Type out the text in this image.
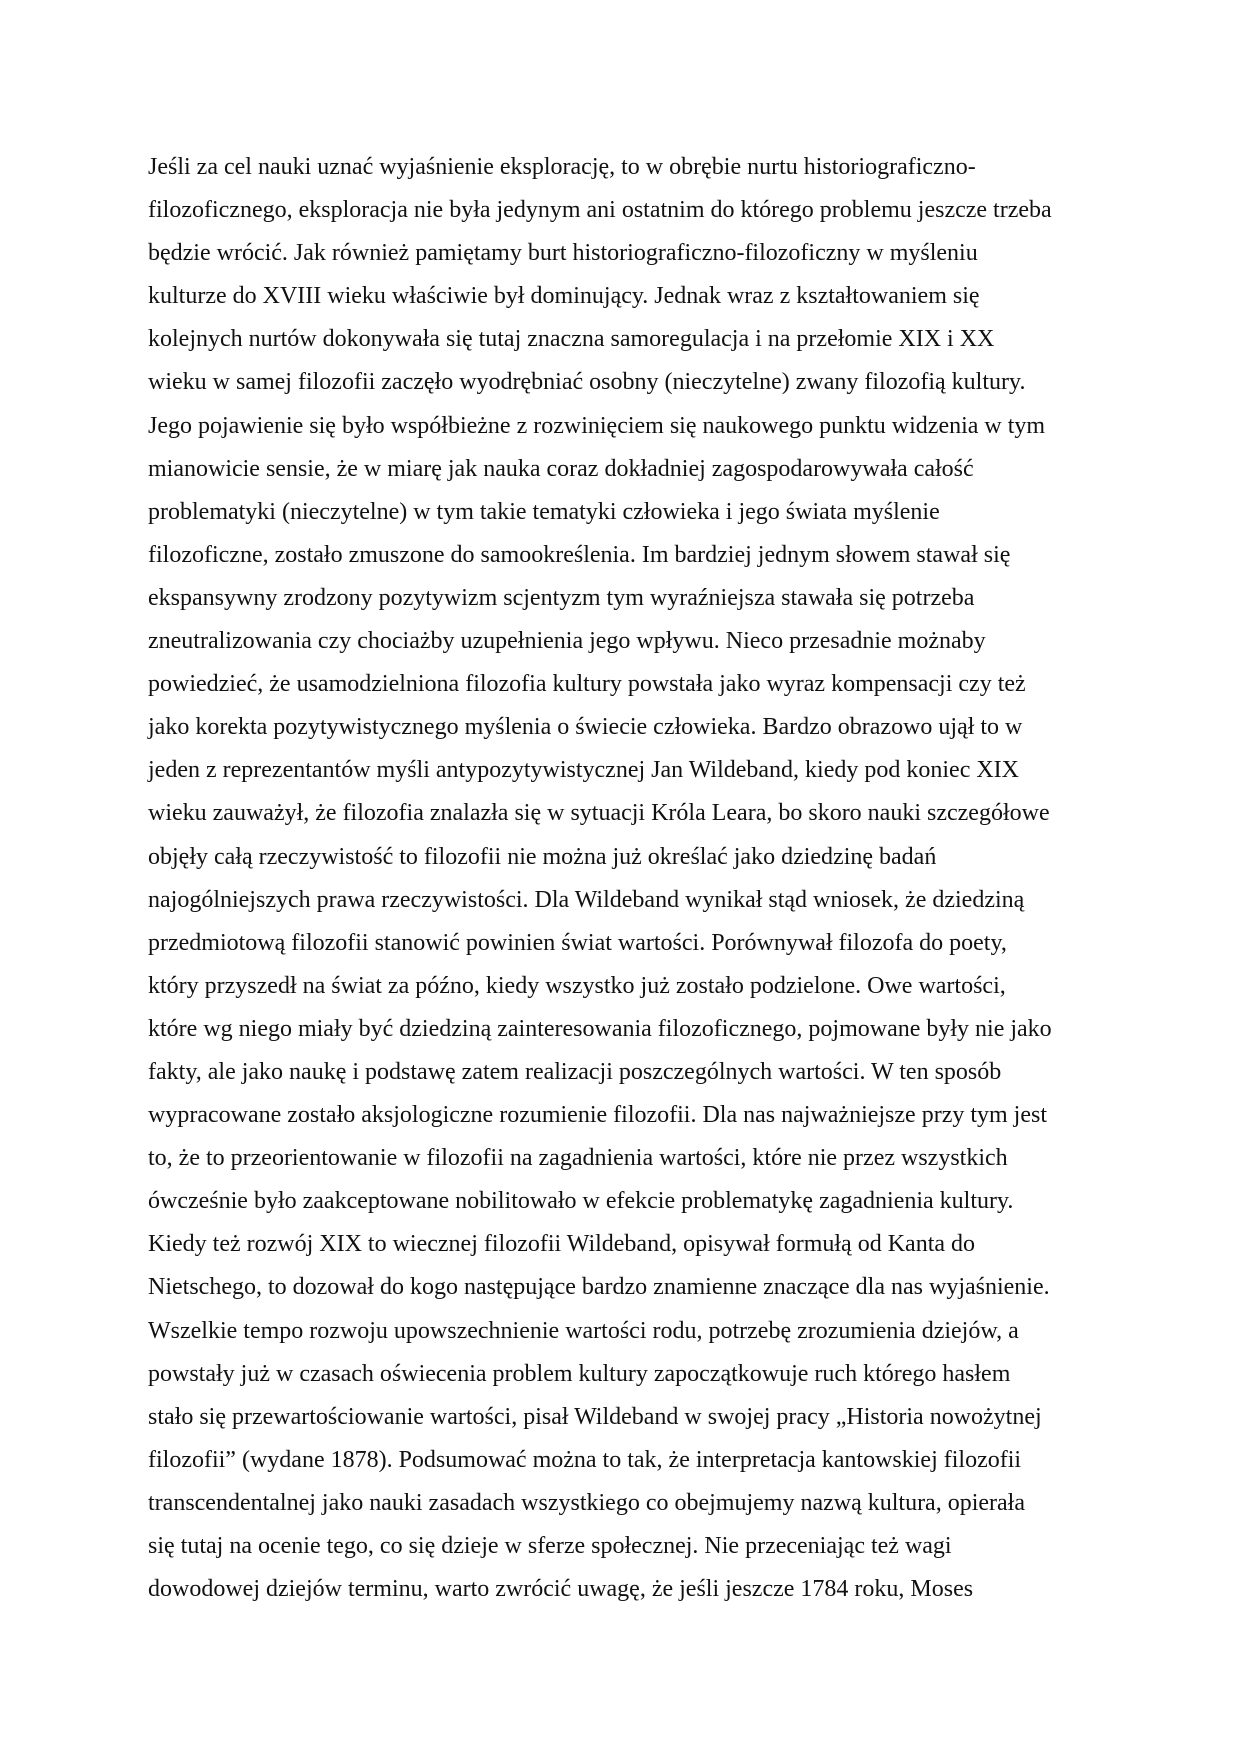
Jeśli za cel nauki uznać wyjaśnienie eksplorację, to w obrębie nurtu historiograficzno-
filozoficznego, eksploracja nie była jedynym ani ostatnim do którego problemu jeszcze trzeba
będzie wrócić. Jak również pamiętamy burt historiograficzno-filozoficzny w myśleniu
kulturze do XVIII wieku właściwie był dominujący. Jednak wraz z kształtowaniem się
kolejnych nurtów dokonywała się tutaj znaczna samoregulacja i na przełomie XIX i XX
wieku w samej filozofii zaczęło wyodrębniać osobny (nieczytelne) zwany filozofią kultury.
Jego pojawienie się było współbieżne z rozwinięciem się naukowego punktu widzenia w tym
mianowicie sensie, że w miarę jak nauka coraz dokładniej zagospodarowywała całość
problematyki (nieczytelne) w tym takie tematyki człowieka i jego świata myślenie
filozoficzne, zostało zmuszone do samookreślenia. Im bardziej jednym słowem stawał się
ekspansywny zrodzony pozytywizm scjentyzm tym wyraźniejsza stawała się potrzeba
zneutralizowania czy chociażby uzupełnienia jego wpływu. Nieco przesadnie możnaby
powiedzieć, że usamodzielniona filozofia kultury powstała jako wyraz kompensacji czy też
jako korekta pozytywistycznego myślenia o świecie człowieka. Bardzo obrazowo ujął to w
jeden z reprezentantów myśli antypozytywistycznej Jan Wildeband, kiedy pod koniec XIX
wieku zauważył, że filozofia znalazła się w sytuacji Króla Leara, bo skoro nauki szczegółowe
objęły całą rzeczywistość to filozofii nie można już określać jako dziedzinę badań
najogólniejszych prawa rzeczywistości. Dla Wildeband wynikał stąd wniosek, że dziedziną
przedmiotową filozofii stanowić powinien świat wartości. Porównywał filozofa do poety,
który przyszedł na świat za późno, kiedy wszystko już zostało podzielone. Owe wartości,
które wg niego miały być dziedziną zainteresowania filozoficznego, pojmowane były nie jako
fakty, ale jako naukę i podstawę zatem realizacji poszczególnych wartości. W ten sposób
wypracowane zostało aksjologiczne rozumienie filozofii. Dla nas najważniejsze przy tym jest
to, że to przeorientowanie w filozofii na zagadnienia wartości, które nie przez wszystkich
ówcześnie było zaakceptowane nobilitowało w efekcie problematykę zagadnienia kultury.
Kiedy też rozwój XIX to wiecznej filozofii Wildeband, opisywał formułą od Kanta do
Nietschego, to dozował do kogo następujące bardzo znamienne znaczące dla nas wyjaśnienie.
Wszelkie tempo rozwoju upowszechnienie wartości rodu, potrzebę zrozumienia dziejów, a
powstały już w czasach oświecenia problem kultury zapoczątkowuje ruch którego hasłem
stało się przewartościowanie wartości, pisał Wildeband w swojej pracy „Historia nowożytnej
filozofii” (wydane 1878). Podsumować można to tak, że interpretacja kantowskiej filozofii
transcendentalnej jako nauki zasadach wszystkiego co obejmujemy nazwą kultura, opierała
się tutaj na ocenie tego, co się dzieje w sferze społecznej. Nie przeceniając też wagi
dowodowej dziejów terminu, warto zwrócić uwagę, że jeśli jeszcze 1784 roku, Moses
